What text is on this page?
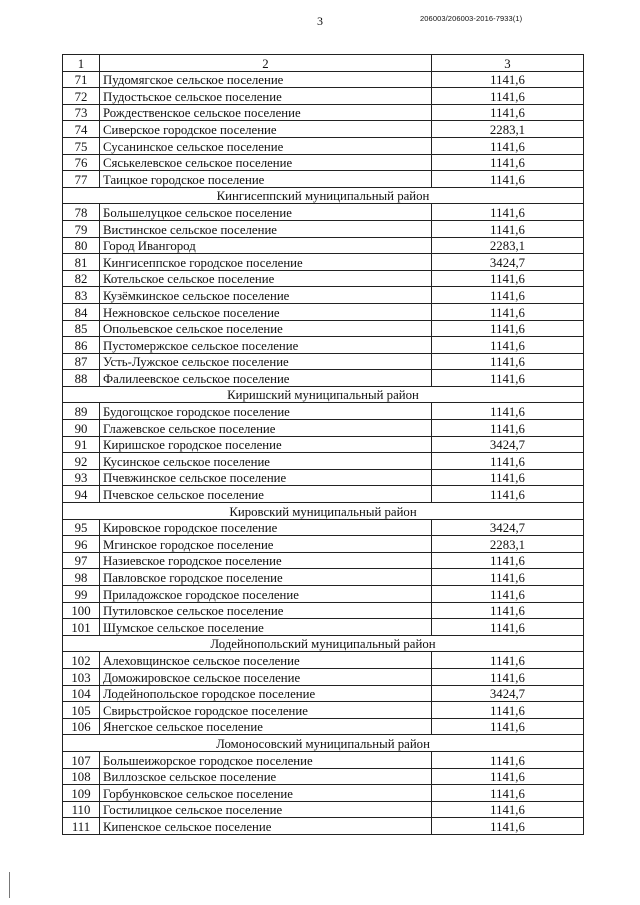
3	206003/206003-2016-7933(1)
1	2	3
71	Пудомягское сельское поселение	1141,6
72	Пудостьское сельское поселение	1141,6
73	Рождественское сельское поселение	1141,6
74	Сиверское городское поселение	2283,1
75	Сусанинское сельское поселение	1141,6
76	Сяськелевское сельское поселение	1141,6
77	Таицкое городское поселение	1141,6
Кингисеппский муниципальный район		
78	Большелуцкое сельское поселение	1141,6
79	Вистинское сельское поселение	1141,6
80	Город Ивангород	2283,1
81	Кингисеппское городское поселение	3424,7
82	Котельское сельское поселение	1141,6
83	Кузёмкинское сельское поселение	1141,6
84	Нежновское сельское поселение	1141,6
85	Опольевское сельское поселение	1141,6
86	Пустомержское сельское поселение	1141,6
87	Усть-Лужское сельское поселение	1141,6
88	Фалилеевское сельское поселение	1141,6
Киришский муниципальный район		
89	Будогощское городское поселение	1141,6
90	Глажевское сельское поселение	1141,6
91	Киришское городское поселение	3424,7
92	Кусинское сельское поселение	1141,6
93	Пчевжинское сельское поселение	1141,6
94	Пчевское сельское поселение	1141,6
Кировский муниципальный район		
95	Кировское городское поселение	3424,7
96	Мгинское городское поселение	2283,1
97	Назиевское городское поселение	1141,6
98	Павловское городское поселение	1141,6
99	Приладожское городское поселение	1141,6
100	Путиловское сельское поселение	1141,6
101	Шумское сельское поселение	1141,6
Лодейнопольский муниципальный район		
102	Алеховщинское сельское поселение	1141,6
103	Доможировское сельское поселение	1141,6
104	Лодейнопольское городское поселение	3424,7
105	Свирьстройское городское поселение	1141,6
106	Янегское сельское поселение	1141,6
Ломоносовский муниципальный район		
107	Большеижорское городское поселение	1141,6
108	Виллозское сельское поселение	1141,6
109	Горбунковское сельское поселение	1141,6
110	Гостилицкое сельское поселение	1141,6
111	Кипенское сельское поселение	1141,6
